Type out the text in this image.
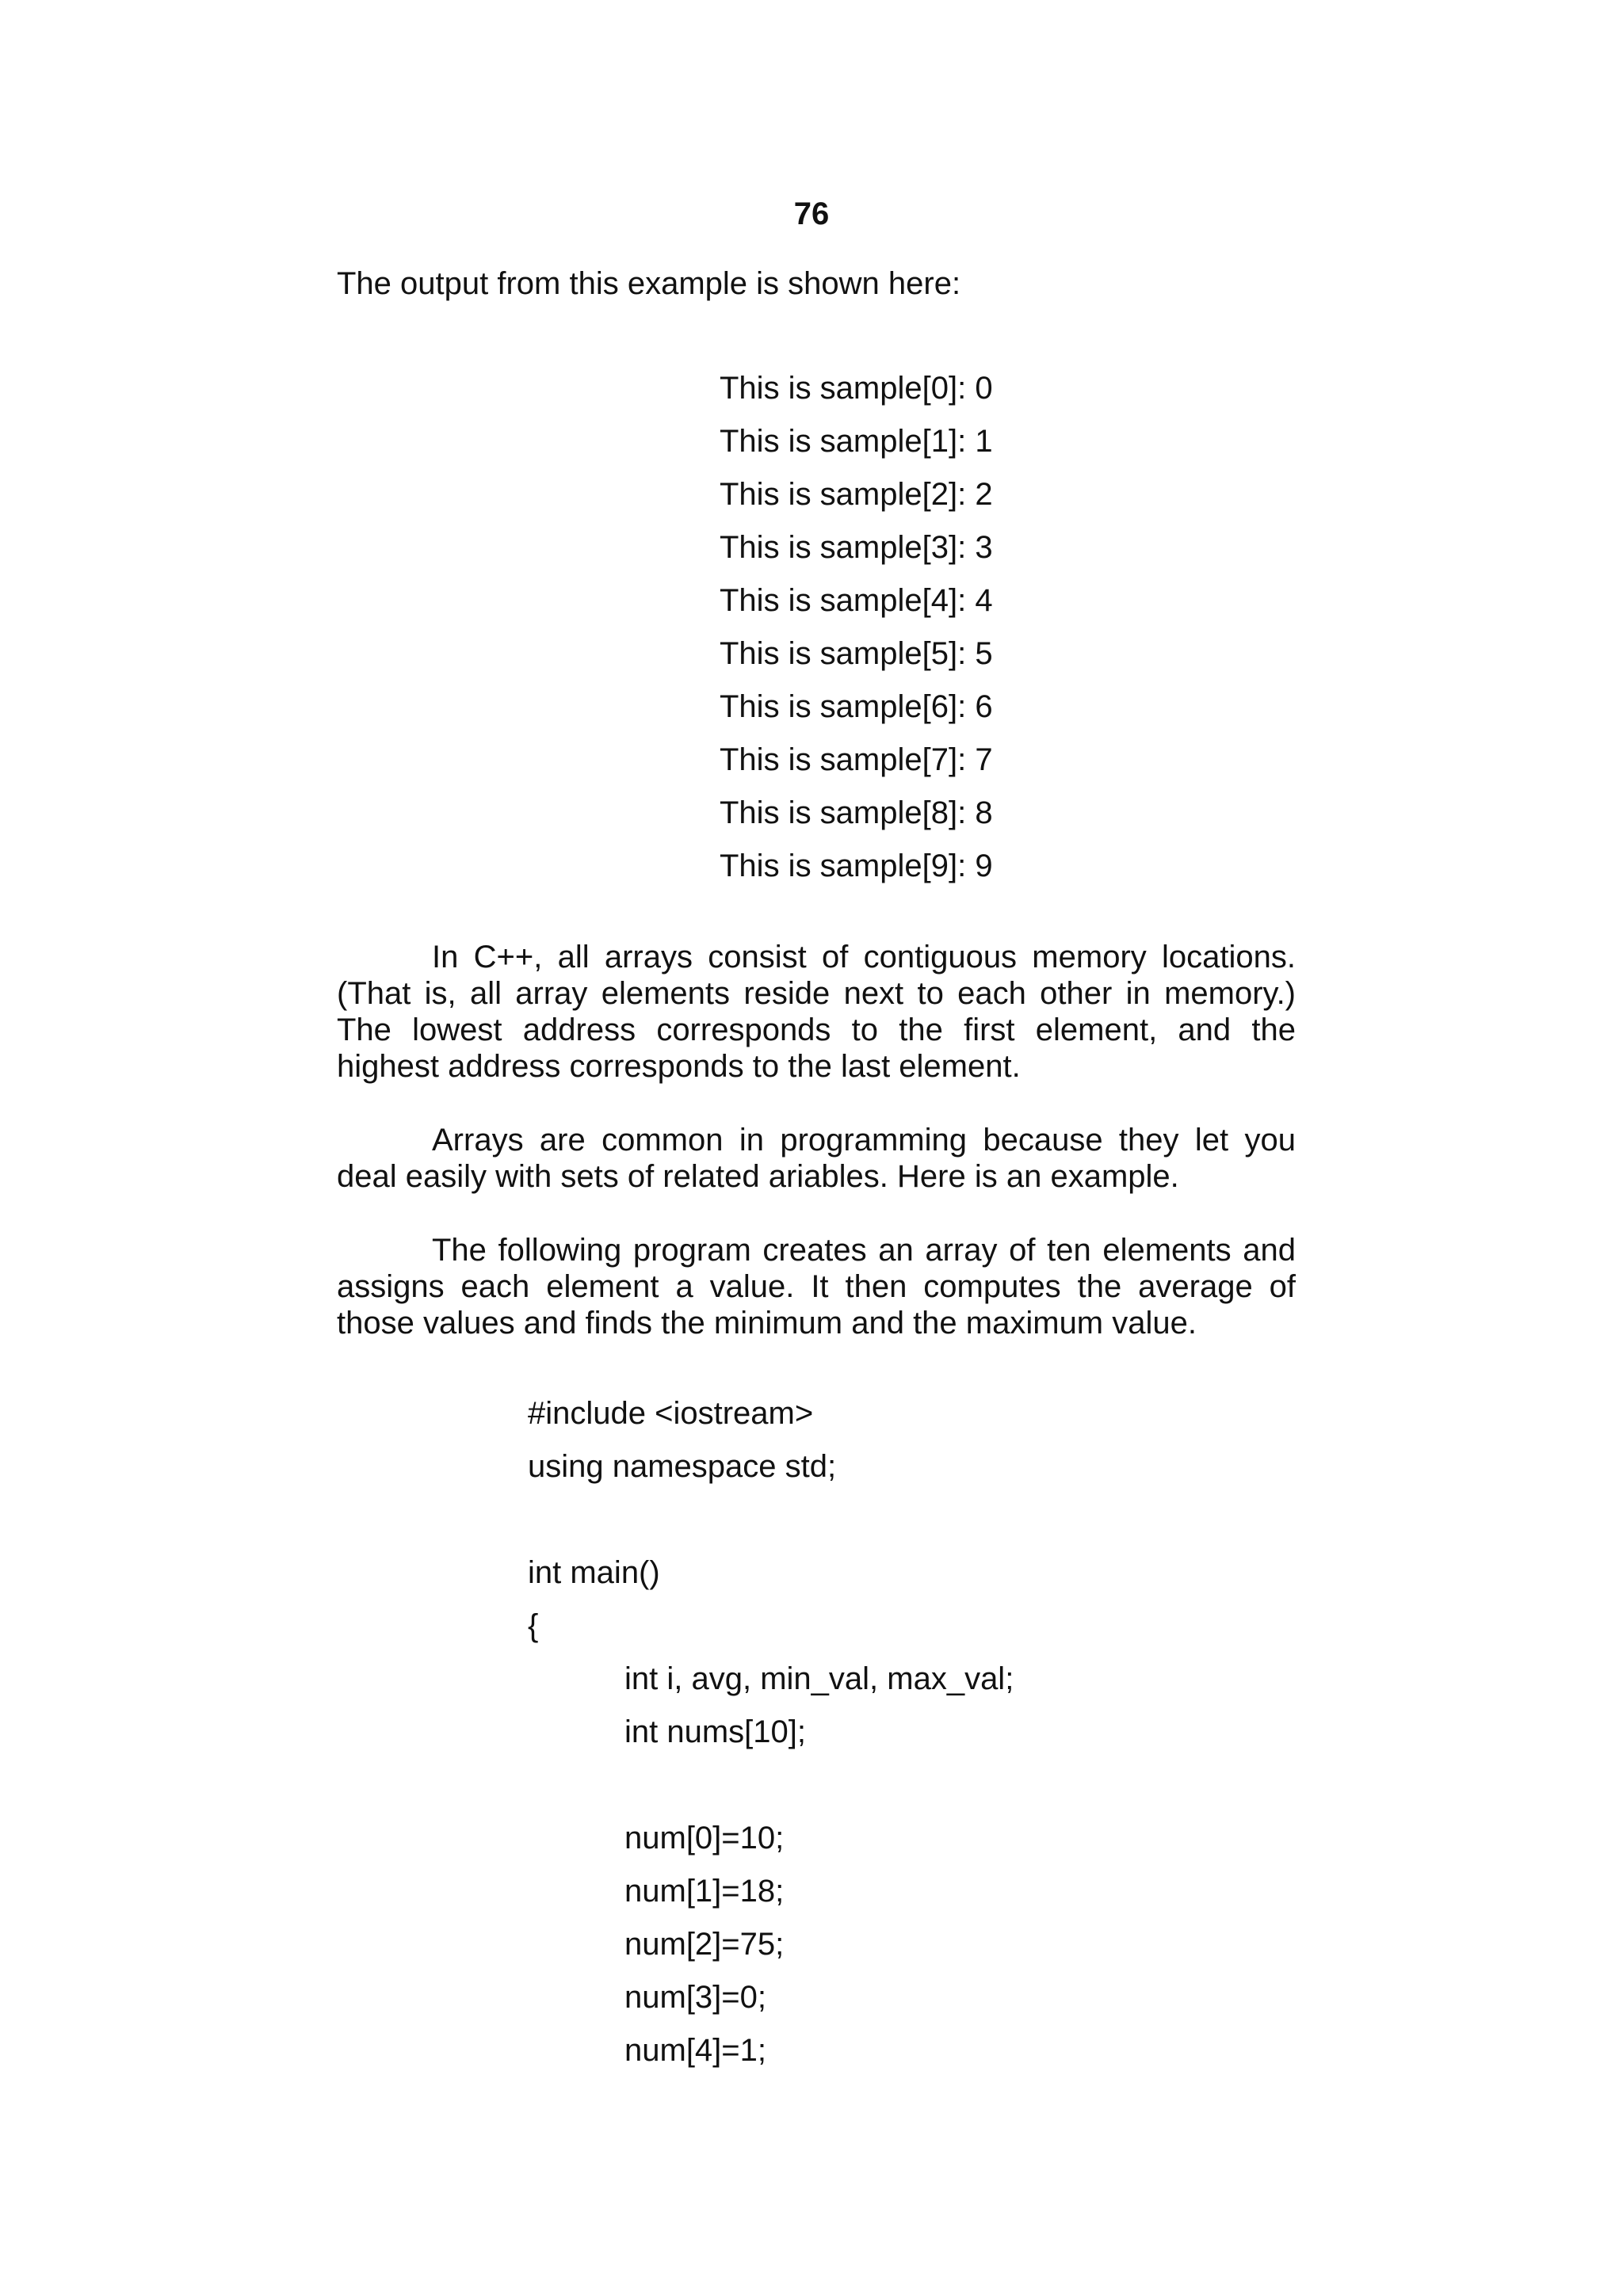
76

The output from this example is shown here:

This is sample[0]: 0
This is sample[1]: 1
This is sample[2]: 2
This is sample[3]: 3
This is sample[4]: 4
This is sample[5]: 5
This is sample[6]: 6
This is sample[7]: 7
This is sample[8]: 8
This is sample[9]: 9

In C++, all arrays consist of contiguous memory locations. (That is, all array elements reside next to each other in memory.) The lowest address corresponds to the first element, and the highest address corresponds to the last element.

Arrays are common in programming because they let you deal easily with sets of related ariables. Here is an example.

The following program creates an array of ten elements and assigns each element a value. It then computes the average of those values and finds the minimum and the maximum value.

#include <iostream>
using namespace std;
int main()
{
int i, avg, min_val, max_val;
int nums[10];
num[0]=10;
num[1]=18;
num[2]=75;
num[3]=0;
num[4]=1;
